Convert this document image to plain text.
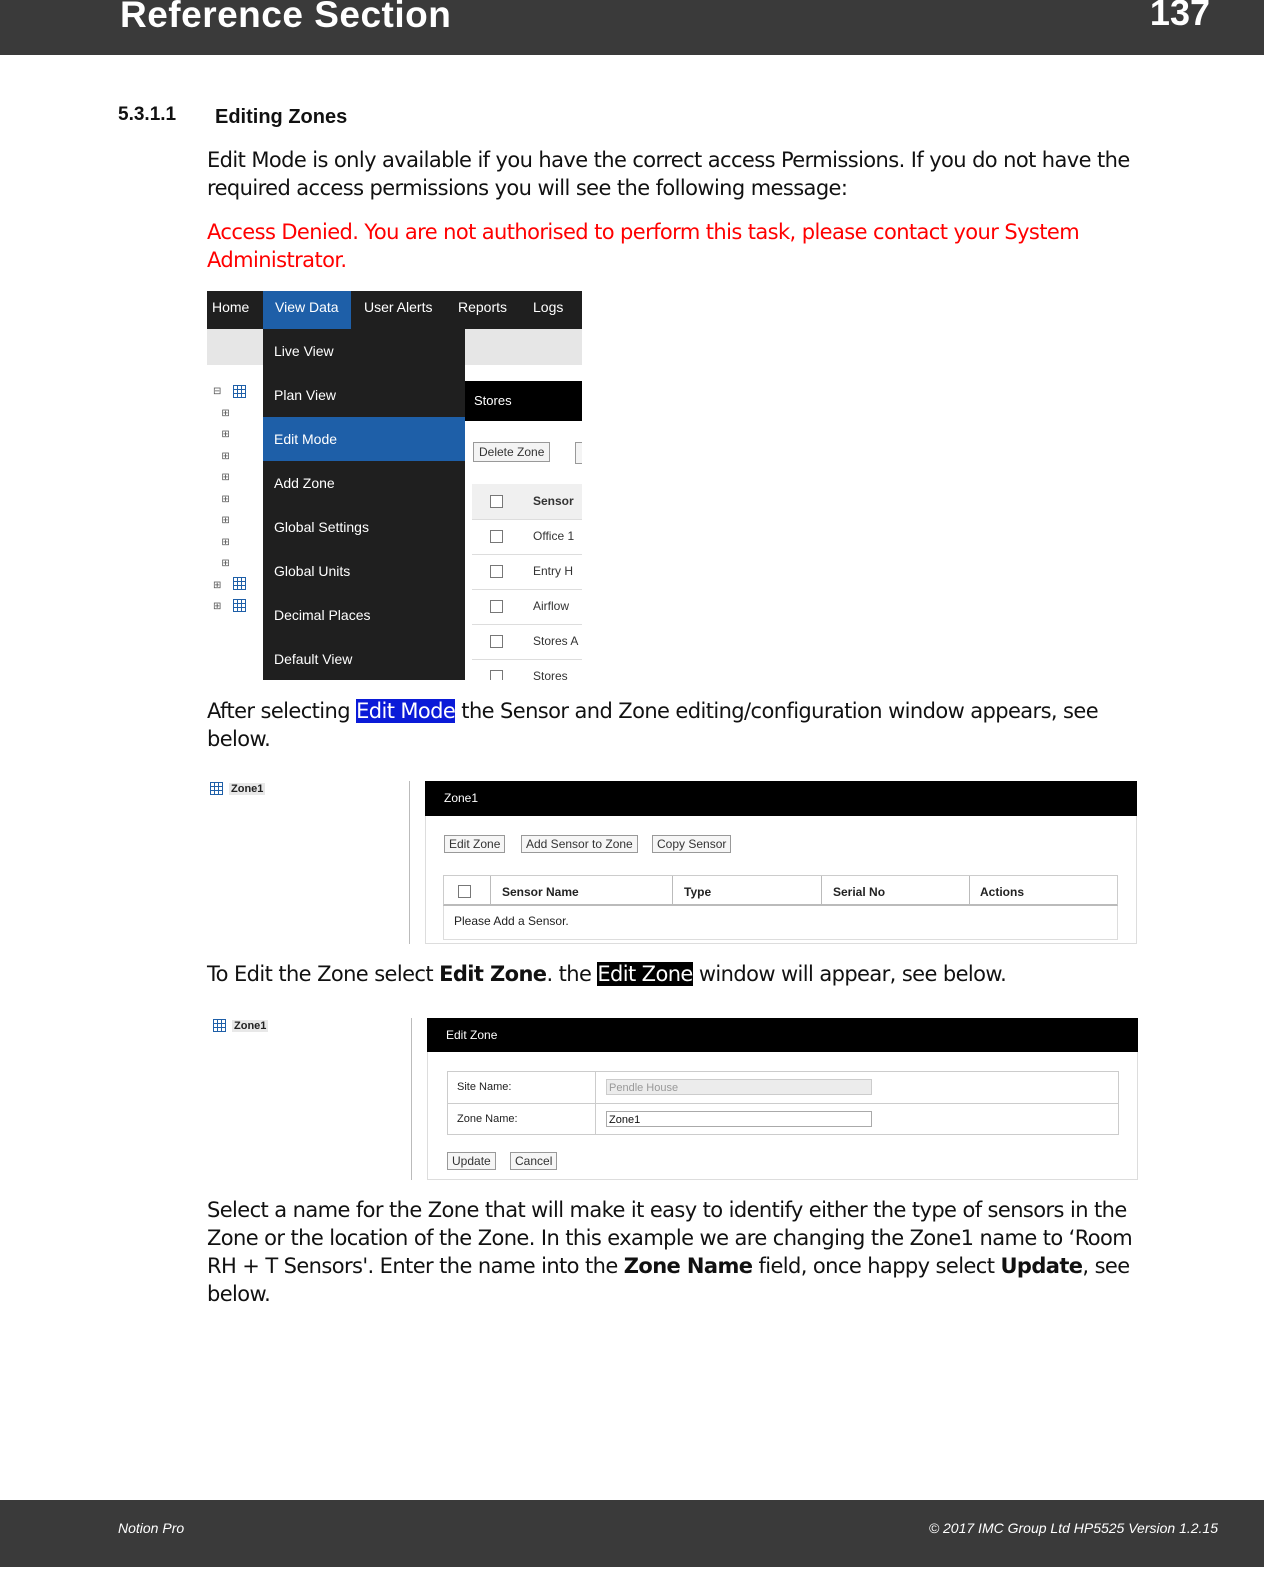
Reference Section	137
5.3.1.1 Editing Zones
Edit Mode is only available if you have the correct access Permissions. If you do not have the required access permissions you will see the following message:
Access Denied. You are not authorised to perform this task, please contact your System Administrator.
Home	View Data	User Alerts Reports Logs
⊟
⊞
⊞
⊞
⊞
⊞
⊞
⊞
⊞
⊞
⊞
Live View
Plan View
Edit Mode
Add Zone
Global Settings
Global Units
Decimal Places
Default View
Stores
Delete Zone
Sensor
Office 1
Entry H
Airflow
Stores A
Stores
After selecting Edit Mode the Sensor and Zone editing/configuration window appears, see below.
Zone1
Zone1
Edit Zone	Add Sensor to Zone	Copy Sensor
Sensor Name	Type	Serial No	Actions
Please Add a Sensor.
To Edit the Zone select Edit Zone. the Edit Zone window will appear, see below.
Zone1
Edit Zone
Site Name:	Pendle House
Zone Name:	Zone1
Update	Cancel
Select a name for the Zone that will make it easy to identify either the type of sensors in the Zone or the location of the Zone. In this example we are changing the Zone1 name to ‘Room RH + T Sensors'. Enter the name into the Zone Name field, once happy select Update, see below.
Notion Pro	© 2017 IMC Group Ltd HP5525 Version 1.2.15
